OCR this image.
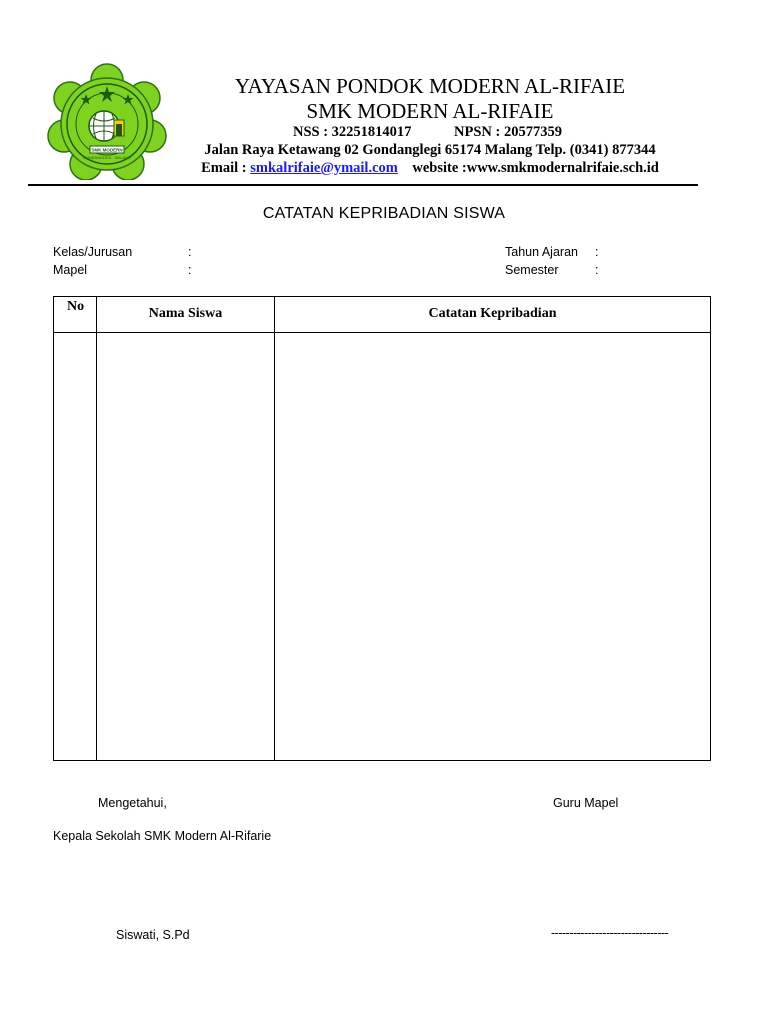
SMK MODERN
GONDANGLEGI - MALANG
YAYASAN PONDOK MODERN AL-RIFAIE
SMK MODERN AL-RIFAIE
NSS : 32251814017	NPSN : 20577359
Jalan Raya Ketawang 02 Gondanglegi 65174 Malang Telp. (0341) 877344
Email : smkalrifaie@ymail.com website :www.smkmodernalrifaie.sch.id
CATATAN KEPRIBADIAN SISWA
Kelas/Jurusan	:
Mapel	:
Tahun Ajaran :
Semester	:
No	Nama Siswa	Catatan Kepribadian
Mengetahui,	Guru Mapel
Kepala Sekolah SMK Modern Al-Rifarie
Siswati, S.Pd	--------------------------------
